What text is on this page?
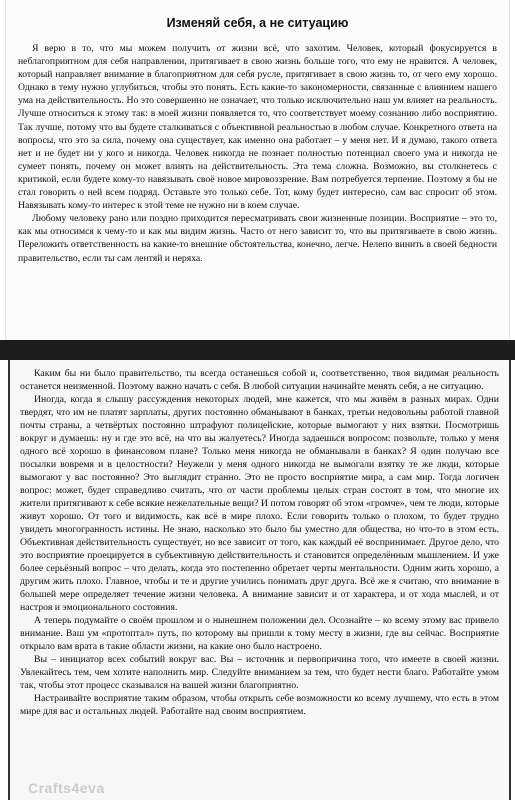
Изменяй себя, а не ситуацию

Я верю в то, что мы можем получить от жизни всё, что захотим. Человек, который фокусируется в неблагоприятном для себя направлении, притягивает в свою жизнь больше того, что ему не нравится. А человек, который направляет внимание в благоприятном для себя русле, притягивает в свою жизнь то, от чего ему хорошо. Однако в тему нужно углубиться, чтобы это понять. Есть какие-то закономерности, связанные с влиянием нашего ума на действительность. Но это совершенно не означает, что только исключительно наш ум влияет на реальность. Лучше относиться к этому так: в моей жизни появляется то, что соответствует моему сознанию либо восприятию. Так лучше, потому что вы будете сталкиваться с объективной реальностью в любом случае. Конкретного ответа на вопросы, что это за сила, почему она существует, как именно она работает – у меня нет. И я думаю, такого ответа нет и не будет ни у кого и никогда. Человек никогда не познает полностью потенциал своего ума и никогда не сумеет понять, почему он может влиять на действительность. Эта тема сложна. Возможно, вы столкнетесь с критикой, если будете кому-то навязывать своё новое мировоззрение. Вам потребуется терпение. Поэтому я бы не стал говорить о ней всем подряд. Оставьте это только себе. Тот, кому будет интересно, сам вас спросит об этом. Навязывать кому-то интерес к этой теме не нужно ни в коем случае.

Любому человеку рано или поздно приходится пересматривать свои жизненные позиции. Восприятие – это то, как мы относимся к чему-то и как мы видим жизнь. Часто от него зависит то, что вы притягиваете в свою жизнь. Переложить ответственность на какие-то внешние обстоятельства, конечно, легче. Нелепо винить в своей бедности правительство, если ты сам лентяй и неряха.

Каким бы ни было правительство, ты всегда останешься собой и, соответственно, твоя видимая реальность останется неизменной. Поэтому важно начать с себя. В любой ситуации начинайте менять себя, а не ситуацию.

Иногда, когда я слышу рассуждения некоторых людей, мне кажется, что мы живём в разных мирах. Одни твердят, что им не платят зарплаты, других постоянно обманывают в банках, третьи недовольны работой главной почты страны, а четвёртых постоянно штрафуют полицейские, которые вымогают у них взятки. Посмотришь вокруг и думаешь: ну и где это всё, на что вы жалуетесь? Иногда задаешься вопросом: позвольте, только у меня одного всё хорошо в финансовом плане? Только меня никогда не обманывали в банках? Я один получаю все посылки вовремя и в целостности? Неужели у меня одного никогда не вымогали взятку те же люди, которые вымогают у вас постоянно? Это выглядит странно. Это не просто восприятие мира, а сам мир. Тогда логичен вопрос: может, будет справедливо считать, что от части проблемы целых стран состоят в том, что многие их жители притягивают к себе всякие нежелательные вещи? И потом говорят об этом «громче», чем те люди, которые живут хорошо. От того и видимость, как всё в мире плохо. Если говорить только о плохом, то будет трудно увидеть многогранность истины. Не знаю, насколько это было бы уместно для общества, но что-то в этом есть. Объективная действительность существует, но все зависит от того, как каждый её воспринимает. Другое дело, что это восприятие проецируется в субъективную действительность и становится определённым мышлением. И уже более серьёзный вопрос – что делать, когда это постепенно обретает черты ментальности. Одним жить хорошо, а другим жить плохо. Главное, чтобы и те и другие учились понимать друг друга. Всё же я считаю, что внимание в большей мере определяет течение жизни человека. А внимание зависит и от характера, и от хода мыслей, и от настроя и эмоционального состояния.

А теперь подумайте о своём прошлом и о нынешнем положении дел. Осознайте – ко всему этому вас привело внимание. Ваш ум «протоптал» путь, по которому вы пришли к тому месту в жизни, где вы сейчас. Восприятие открыло вам врата в такие области жизни, на какие оно было настроено.

Вы – инициатор всех событий вокруг вас. Вы – источник и первопричина того, что имеете в своей жизни. Увлекайтесь тем, чем хотите наполнить мир. Следуйте вниманием за тем, что будет нести благо. Работайте умом так, чтобы этот процесс сказывался на вашей жизни благоприятно.

Настраивайте восприятие таким образом, чтобы открыть себе возможности ко всему лучшему, что есть в этом мире для вас и остальных людей. Работайте над своим восприятием.

Crafts4eva
